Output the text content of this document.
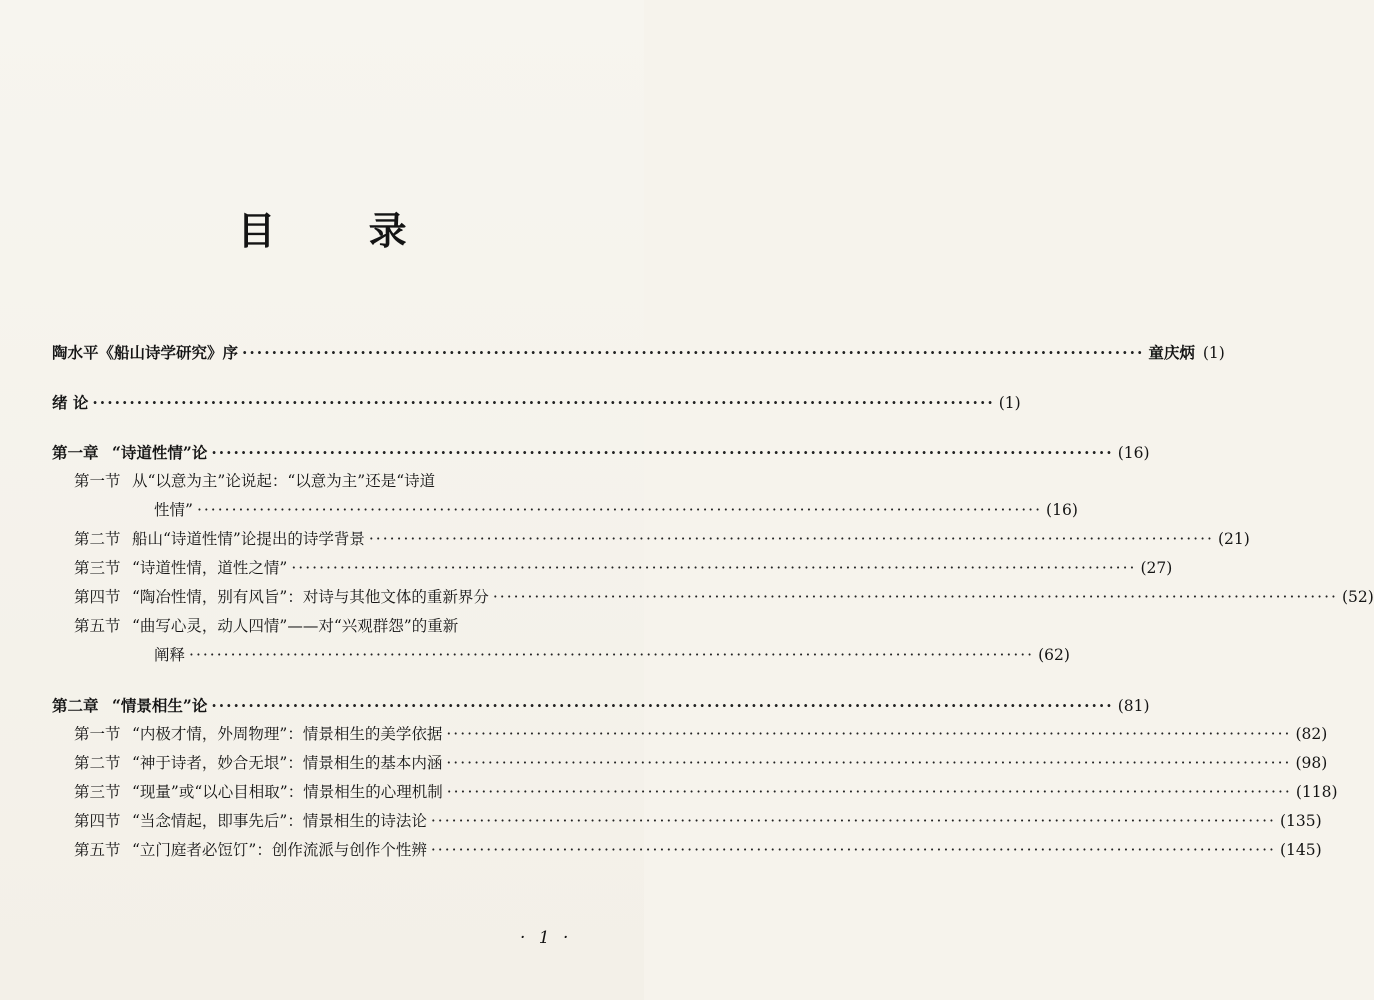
目 录
陶水平《船山诗学研究》序 ·····	童庆炳 (1)
绪 论 ·····	(1)
第一章 “诗道性情”论 ·····	(16)
第一节 从“以意为主”论说起：“以意为主”还是“诗道
性情” ·····	(16)
第二节 船山“诗道性情”论提出的诗学背景 ·····	(21)
第三节 “诗道性情，道性之情” ·····	(27)
第四节 “陶冶性情，别有风旨”：对诗与其他文体的重新界分 ·····	(52)
第五节 “曲写心灵，动人四情”——对“兴观群怨”的重新
阐释 ·····	(62)
第二章 “情景相生”论 ·····	(81)
第一节 “内极才情，外周物理”：情景相生的美学依据 ·····	(82)
第二节 “神于诗者，妙合无垠”：情景相生的基本内涵 ·····	(98)
第三节 “现量”或“以心目相取”：情景相生的心理机制 ·····	(118)
第四节 “当念情起，即事先后”：情景相生的诗法论 ·····	(135)
第五节 “立门庭者必饾饤”：创作流派与创作个性辨 ·····	(145)
· 1 ·
